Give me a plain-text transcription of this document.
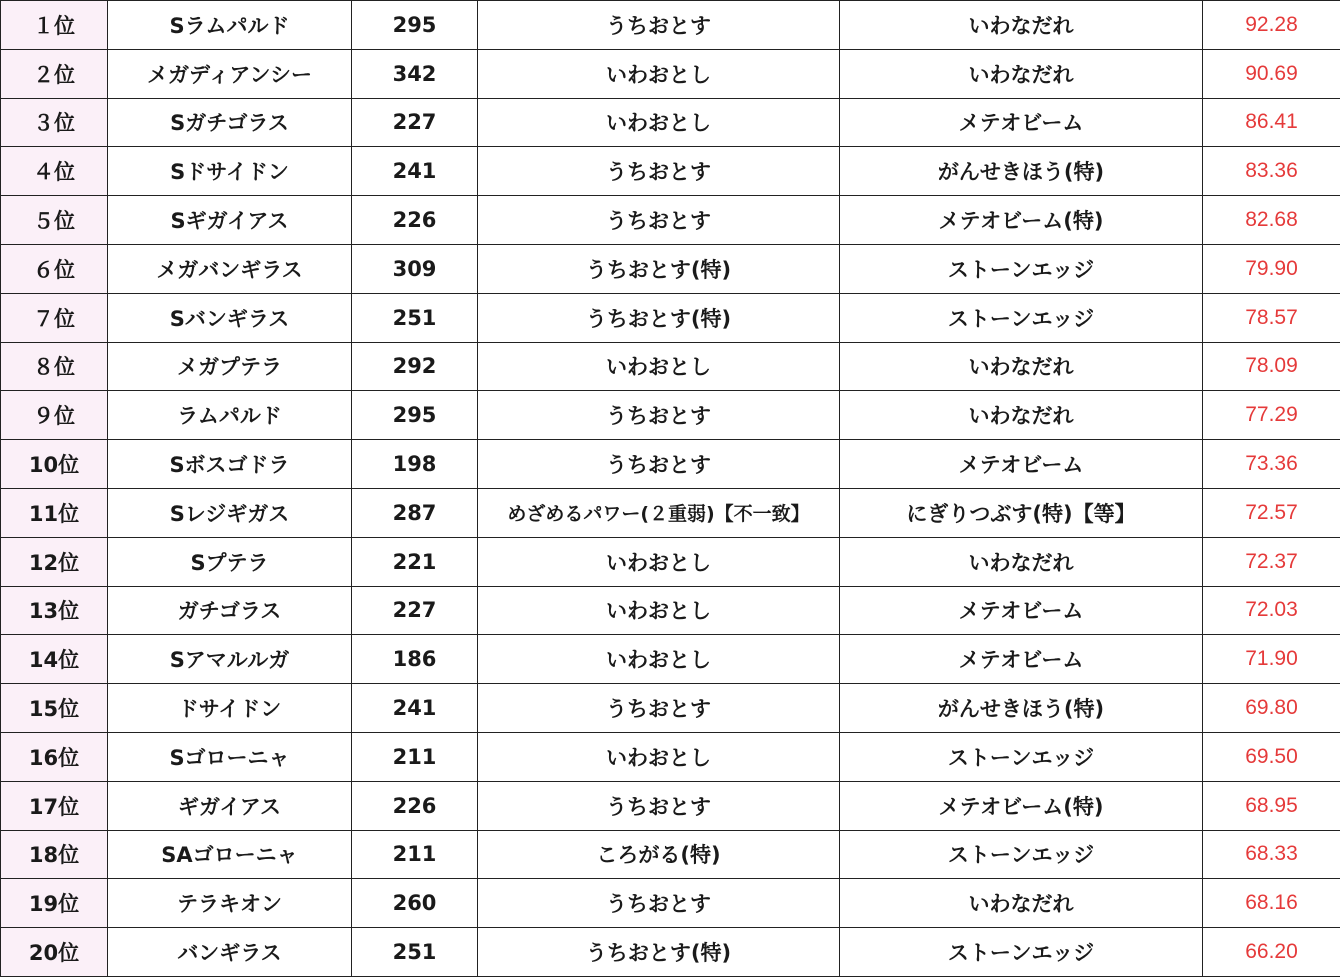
１位	Sラムパルド	295	うちおとす	いわなだれ	92.28
２位	メガディアンシー	342	いわおとし	いわなだれ	90.69
３位	Sガチゴラス	227	いわおとし	メテオビーム	86.41
４位	Sドサイドン	241	うちおとす	がんせきほう(特)	83.36
５位	Sギガイアス	226	うちおとす	メテオビーム(特)	82.68
６位	メガバンギラス	309	うちおとす(特)	ストーンエッジ	79.90
７位	Sバンギラス	251	うちおとす(特)	ストーンエッジ	78.57
８位	メガプテラ	292	いわおとし	いわなだれ	78.09
９位	ラムパルド	295	うちおとす	いわなだれ	77.29
10位	Sボスゴドラ	198	うちおとす	メテオビーム	73.36
11位	Sレジギガス	287	めざめるパワー(２重弱)【不一致】	にぎりつぶす(特)【等】	72.57
12位	Sプテラ	221	いわおとし	いわなだれ	72.37
13位	ガチゴラス	227	いわおとし	メテオビーム	72.03
14位	Sアマルルガ	186	いわおとし	メテオビーム	71.90
15位	ドサイドン	241	うちおとす	がんせきほう(特)	69.80
16位	Sゴローニャ	211	いわおとし	ストーンエッジ	69.50
17位	ギガイアス	226	うちおとす	メテオビーム(特)	68.95
18位	SAゴローニャ	211	ころがる(特)	ストーンエッジ	68.33
19位	テラキオン	260	うちおとす	いわなだれ	68.16
20位	バンギラス	251	うちおとす(特)	ストーンエッジ	66.20
